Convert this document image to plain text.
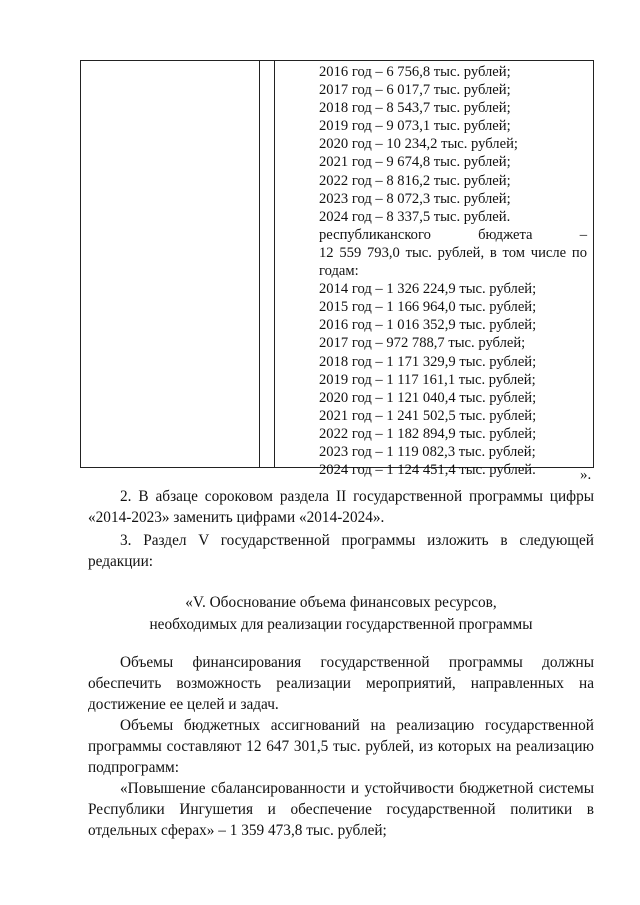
2016 год – 6 756,8 тыс. рублей;
2017 год – 6 017,7 тыс. рублей;
2018 год – 8 543,7 тыс. рублей;
2019 год – 9 073,1 тыс. рублей;
2020 год – 10 234,2 тыс. рублей;
2021 год – 9 674,8 тыс. рублей;
2022 год – 8 816,2 тыс. рублей;
2023 год – 8 072,3 тыс. рублей;
2024 год – 8 337,5 тыс. рублей.
республиканского бюджета –
12 559 793,0 тыс. рублей, в том числе по
годам:
2014 год – 1 326 224,9 тыс. рублей;
2015 год – 1 166 964,0 тыс. рублей;
2016 год – 1 016 352,9 тыс. рублей;
2017 год – 972 788,7 тыс. рублей;
2018 год – 1 171 329,9 тыс. рублей;
2019 год – 1 117 161,1 тыс. рублей;
2020 год – 1 121 040,4 тыс. рублей;
2021 год – 1 241 502,5 тыс. рублей;
2022 год – 1 182 894,9 тыс. рублей;
2023 год – 1 119 082,3 тыс. рублей;
2024 год – 1 124 451,4 тыс. рублей.	».
2. В абзаце сороковом раздела II государственной программы цифры
«2014-2023» заменить цифрами «2014-2024».
3. Раздел V государственной программы изложить в следующей
редакции:
«V. Обоснование объема финансовых ресурсов,
необходимых для реализации государственной программы
Объемы финансирования государственной программы должны
обеспечить возможность реализации мероприятий, направленных на
достижение ее целей и задач.
Объемы бюджетных ассигнований на реализацию государственной
программы составляют 12 647 301,5 тыс. рублей, из которых на реализацию
подпрограмм:
«Повышение сбалансированности и устойчивости бюджетной системы
Республики Ингушетия и обеспечение государственной политики в
отдельных сферах» – 1 359 473,8 тыс. рублей;
